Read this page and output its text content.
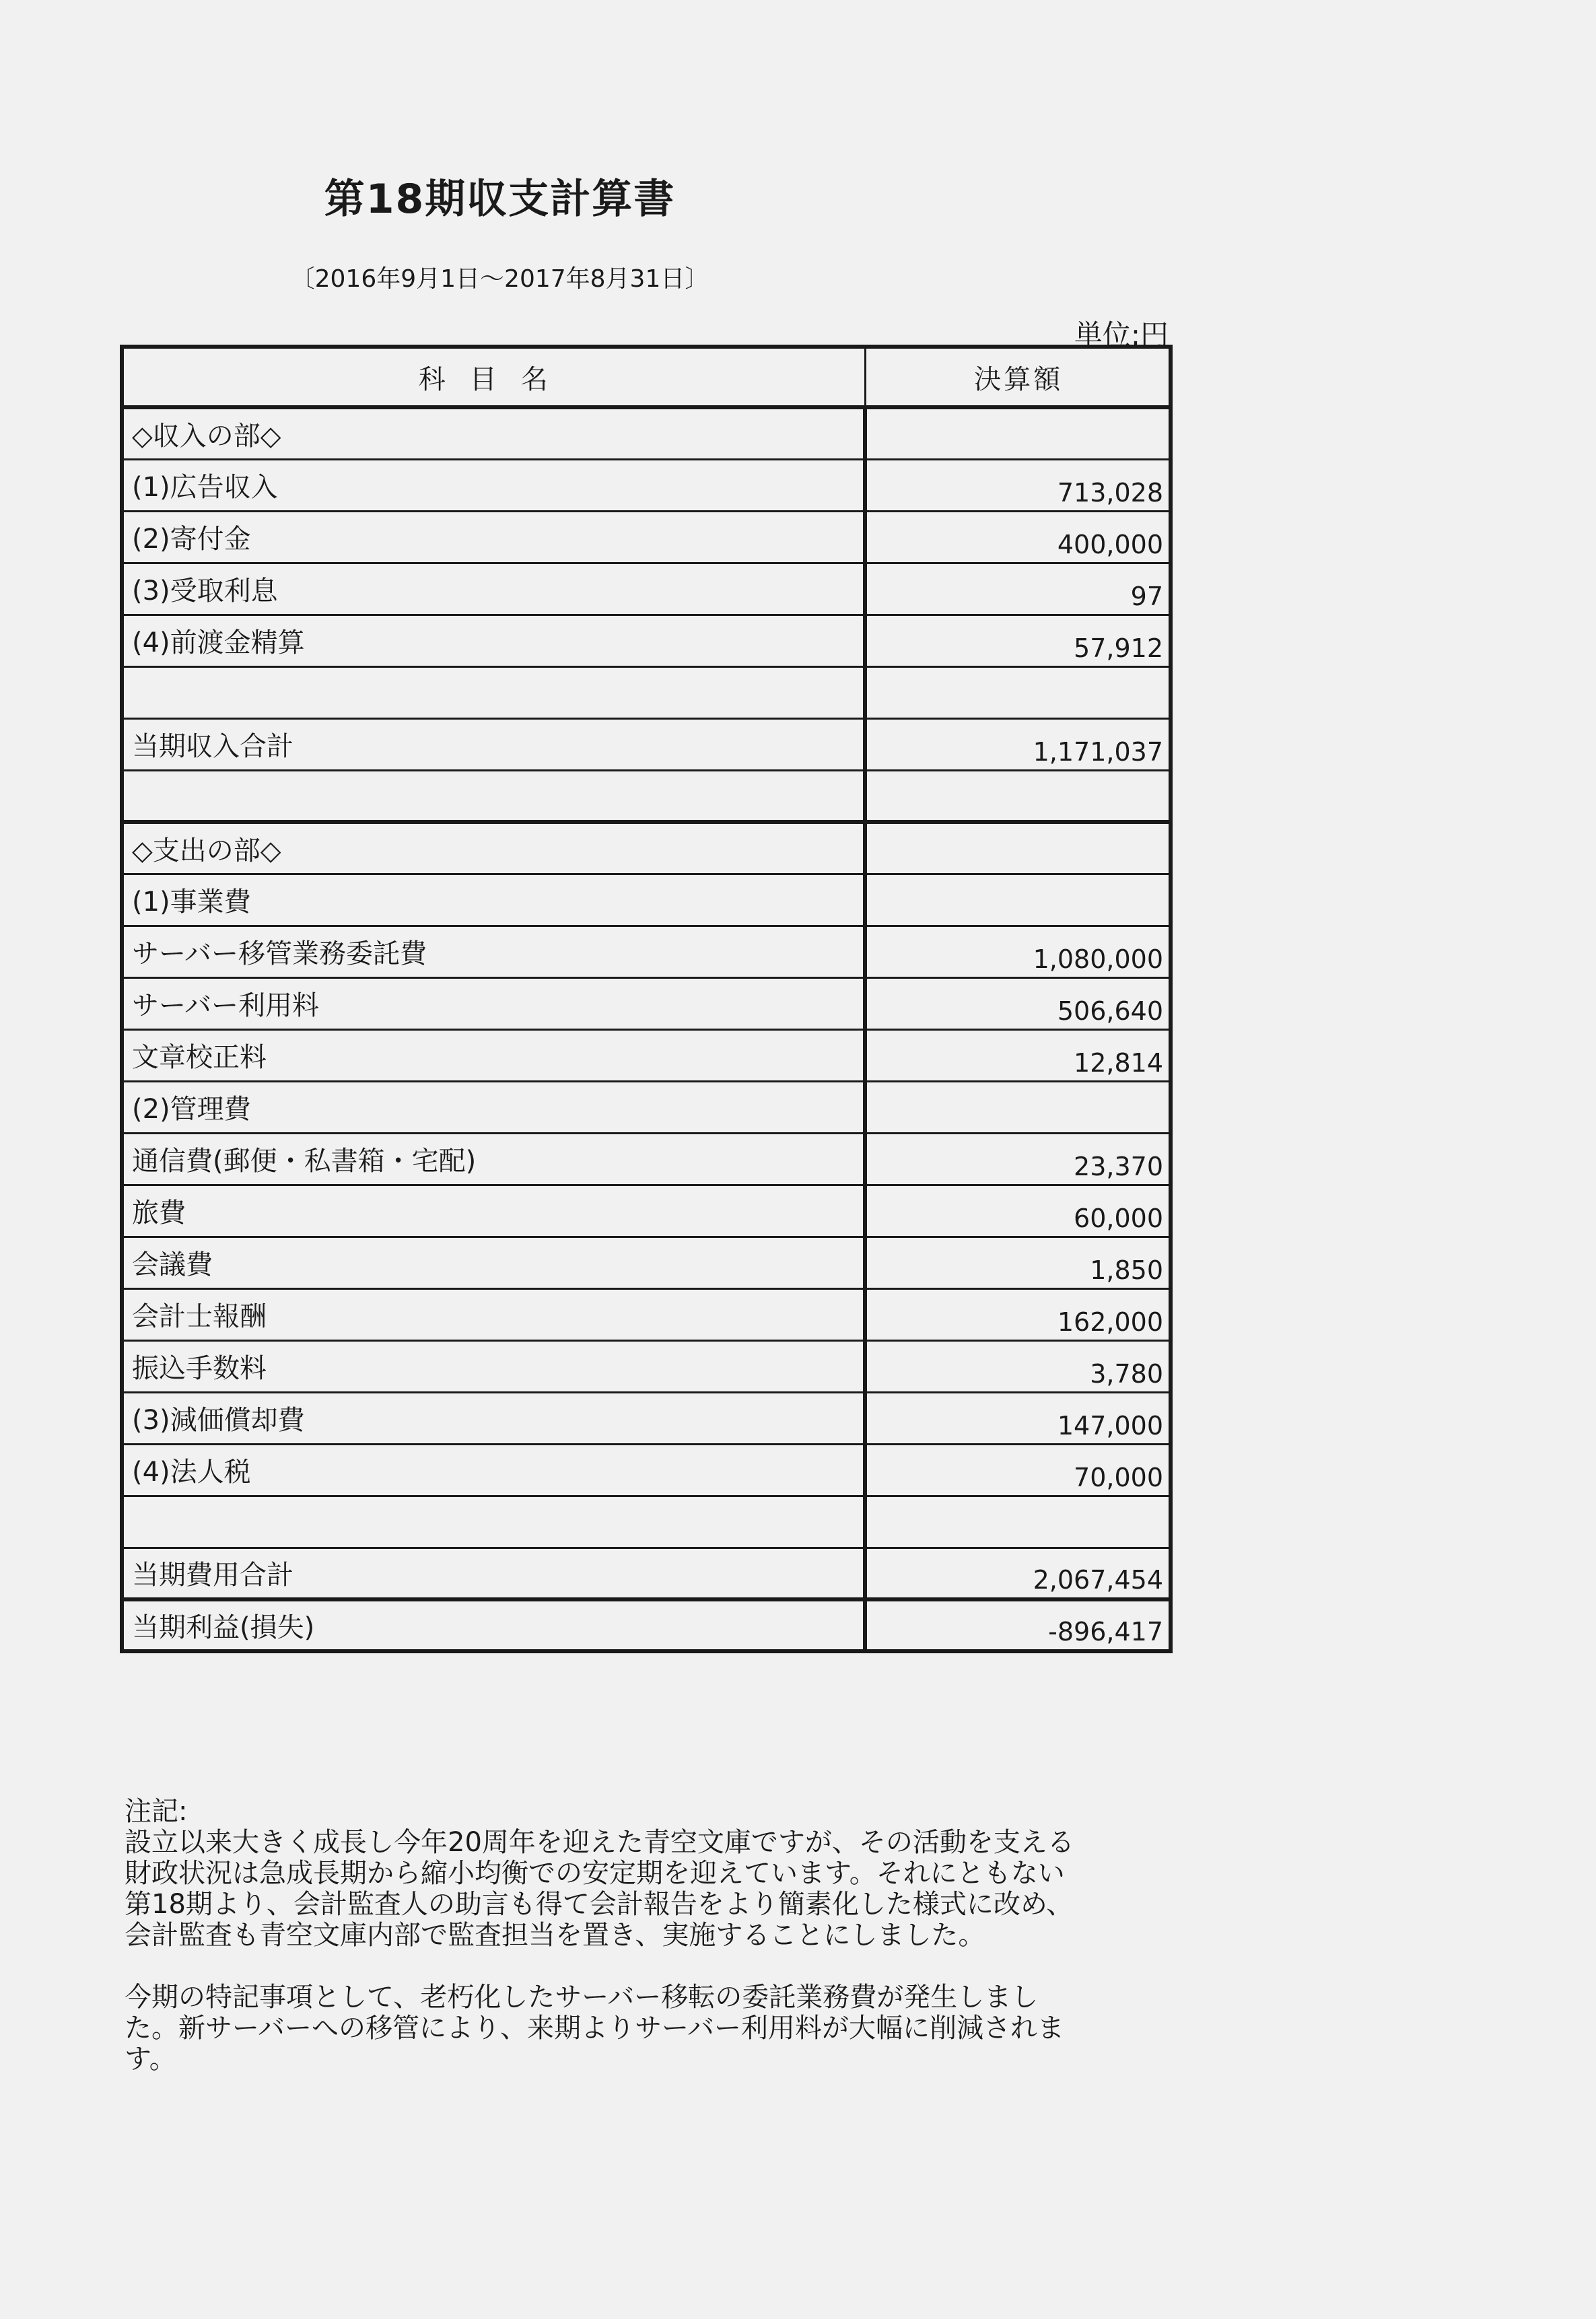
第18期収支計算書
〔2016年9月1日～2017年8月31日〕
単位:円
科目名	決算額
◇収入の部◇	
(1)広告収入	713,028
(2)寄付金	400,000
(3)受取利息	97
(4)前渡金精算	57,912

当期収入合計	1,171,037

◇支出の部◇	
(1)事業費	
サーバー移管業務委託費	1,080,000
サーバー利用料	506,640
文章校正料	12,814
(2)管理費	
通信費(郵便・私書箱・宅配)	23,370
旅費	60,000
会議費	1,850
会計士報酬	162,000
振込手数料	3,780
(3)減価償却費	147,000
(4)法人税	70,000

当期費用合計	2,067,454
当期利益(損失)	-896,417

注記:

設立以来大きく成長し今年20周年を迎えた青空文庫ですが、その活動を支える

財政状況は急成長期から縮小均衡での安定期を迎えています。それにともない

第18期より、会計監査人の助言も得て会計報告をより簡素化した様式に改め、

会計監査も青空文庫内部で監査担当を置き、実施することにしました。

今期の特記事項として、老朽化したサーバー移転の委託業務費が発生しまし

た。新サーバーへの移管により、来期よりサーバー利用料が大幅に削減されま

す。
